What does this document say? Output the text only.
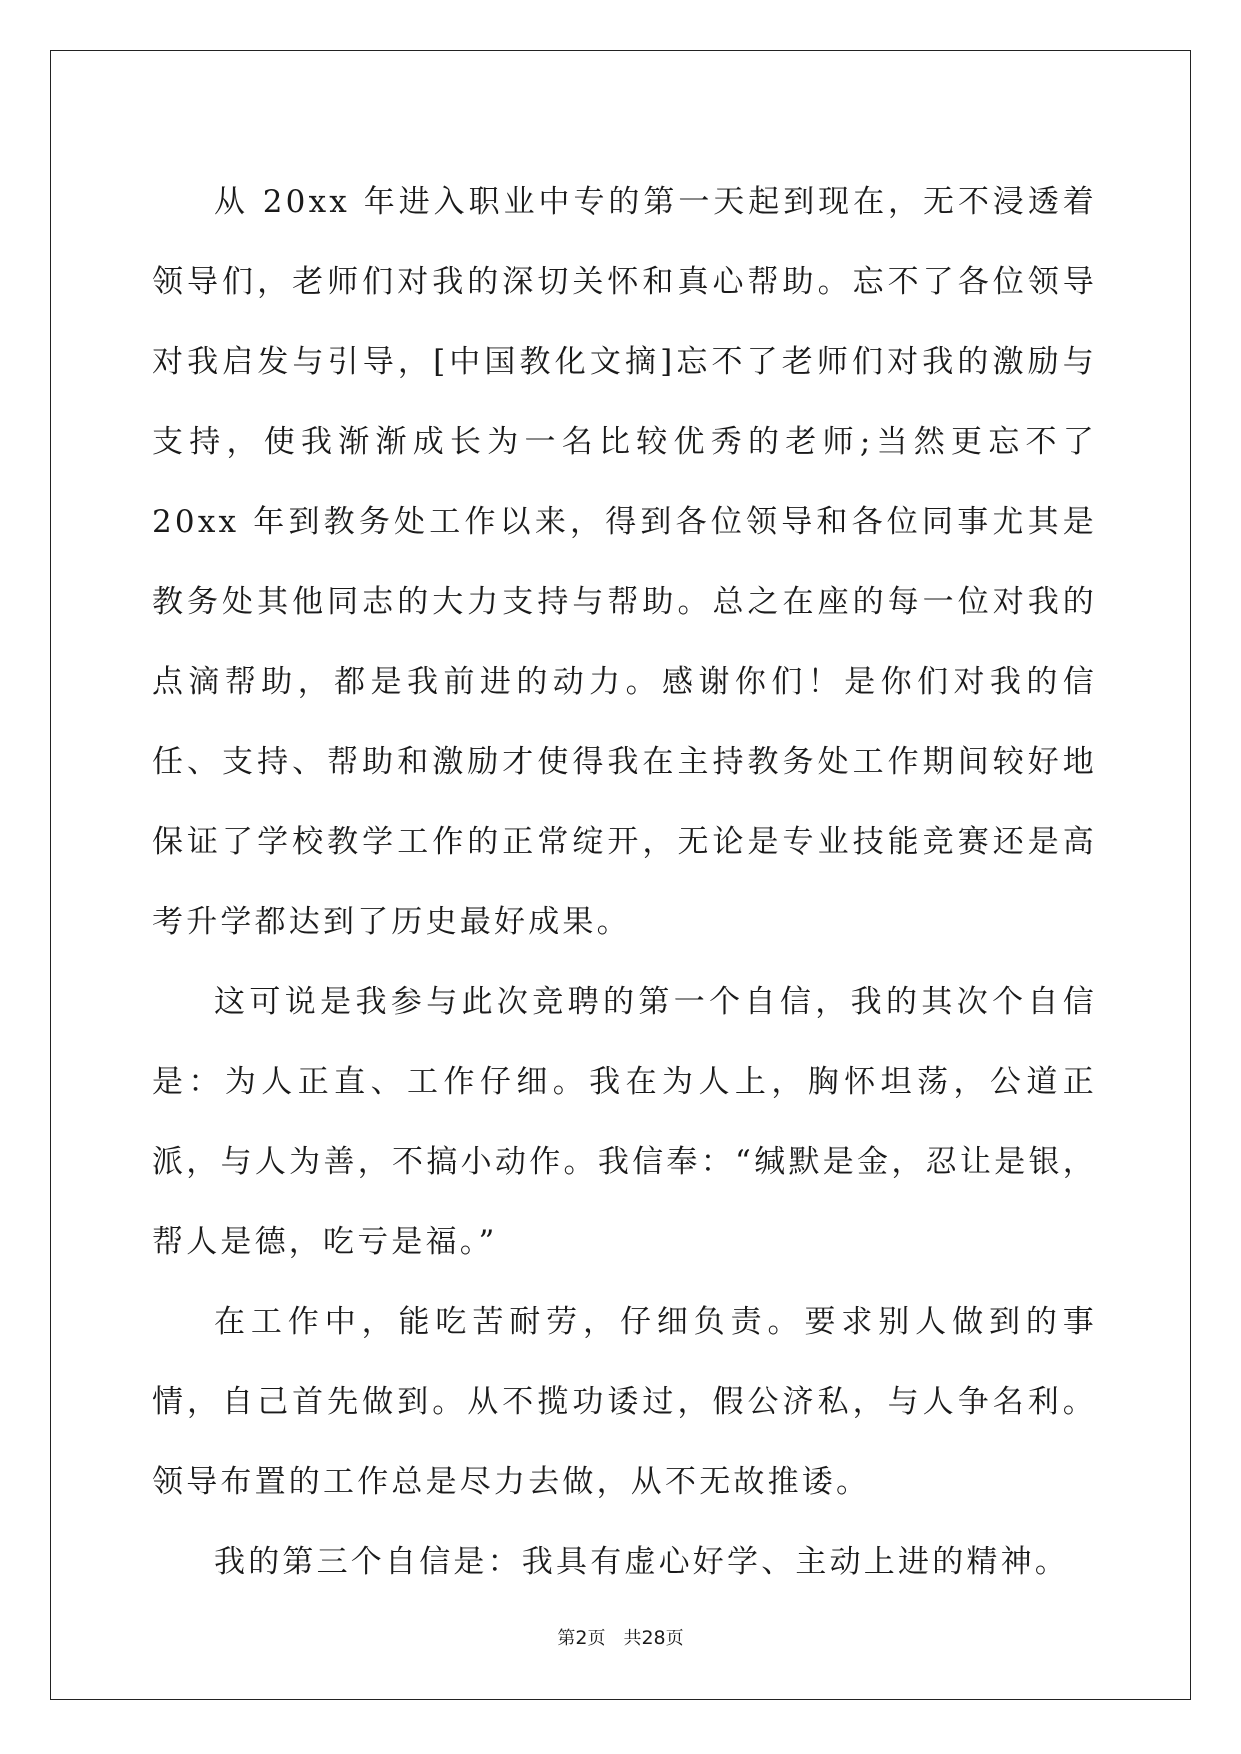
从 20xx 年进入职业中专的第一天起到现在，无不浸透着领导们，老师们对我的深切关怀和真心帮助。忘不了各位领导对我启发与引导，[中国教化文摘]忘不了老师们对我的激励与支持，使我渐渐成长为一名比较优秀的老师;当然更忘不了 20xx 年到教务处工作以来，得到各位领导和各位同事尤其是教务处其他同志的大力支持与帮助。总之在座的每一位对我的点滴帮助，都是我前进的动力。感谢你们！是你们对我的信任、支持、帮助和激励才使得我在主持教务处工作期间较好地保证了学校教学工作的正常绽开，无论是专业技能竞赛还是高考升学都达到了历史最好成果。

这可说是我参与此次竞聘的第一个自信，我的其次个自信是：为人正直、工作仔细。我在为人上，胸怀坦荡，公道正派，与人为善，不搞小动作。我信奉：“缄默是金，忍让是银，帮人是德，吃亏是福。”

在工作中，能吃苦耐劳，仔细负责。要求别人做到的事情，自己首先做到。从不揽功诿过，假公济私，与人争名利。领导布置的工作总是尽力去做，从不无故推诿。

我的第三个自信是：我具有虚心好学、主动上进的精神。

第2页 共28页
